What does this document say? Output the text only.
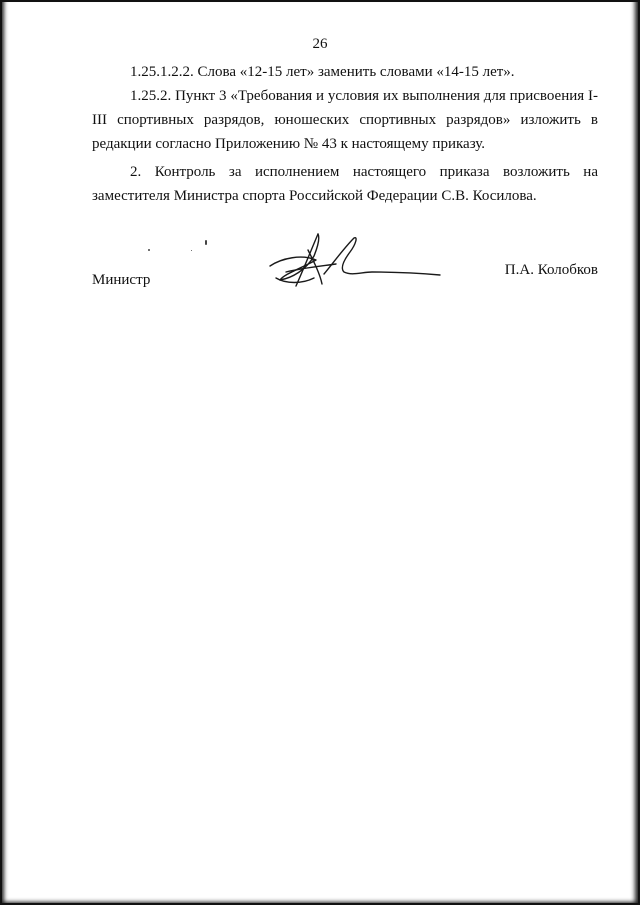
26
1.25.1.2.2. Слова «12-15 лет» заменить словами «14-15 лет».
1.25.2. Пункт 3 «Требования и условия их выполнения для присвоения I-III спортивных разрядов, юношеских спортивных разрядов» изложить в редакции согласно Приложению № 43 к настоящему приказу.
2. Контроль за исполнением настоящего приказа возложить на заместителя Министра спорта Российской Федерации С.В. Косилова.
Министр
П.А. Колобков
